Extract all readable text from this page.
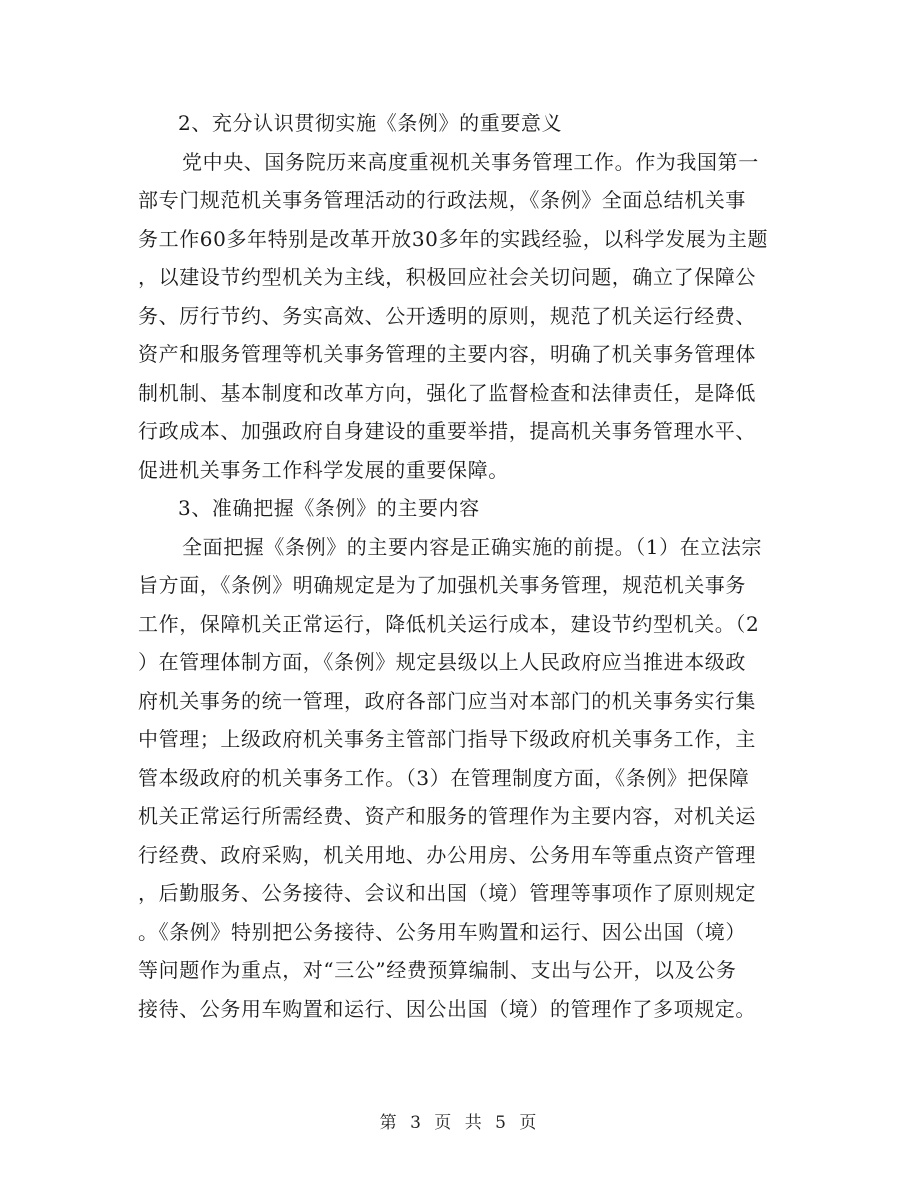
2、充分认识贯彻实施《条例》的重要意义
党中央、国务院历来高度重视机关事务管理工作。作为我国第一
部专门规范机关事务管理活动的行政法规，《条例》全面总结机关事
务工作60多年特别是改革开放30多年的实践经验，以科学发展为主题
，以建设节约型机关为主线，积极回应社会关切问题，确立了保障公
务、厉行节约、务实高效、公开透明的原则，规范了机关运行经费、
资产和服务管理等机关事务管理的主要内容，明确了机关事务管理体
制机制、基本制度和改革方向，强化了监督检查和法律责任，是降低
行政成本、加强政府自身建设的重要举措，提高机关事务管理水平、
促进机关事务工作科学发展的重要保障。
3、准确把握《条例》的主要内容
全面把握《条例》的主要内容是正确实施的前提。（1）在立法宗
旨方面，《条例》明确规定是为了加强机关事务管理，规范机关事务
工作，保障机关正常运行，降低机关运行成本，建设节约型机关。（2
）在管理体制方面，《条例》规定县级以上人民政府应当推进本级政
府机关事务的统一管理，政府各部门应当对本部门的机关事务实行集
中管理；上级政府机关事务主管部门指导下级政府机关事务工作，主
管本级政府的机关事务工作。（3）在管理制度方面，《条例》把保障
机关正常运行所需经费、资产和服务的管理作为主要内容，对机关运
行经费、政府采购，机关用地、办公用房、公务用车等重点资产管理
，后勤服务、公务接待、会议和出国（境）管理等事项作了原则规定
。《条例》特别把公务接待、公务用车购置和运行、因公出国（境）
等问题作为重点，对“三公”经费预算编制、支出与公开，以及公务
接待、公务用车购置和运行、因公出国（境）的管理作了多项规定。
第 3 页 共 5 页
